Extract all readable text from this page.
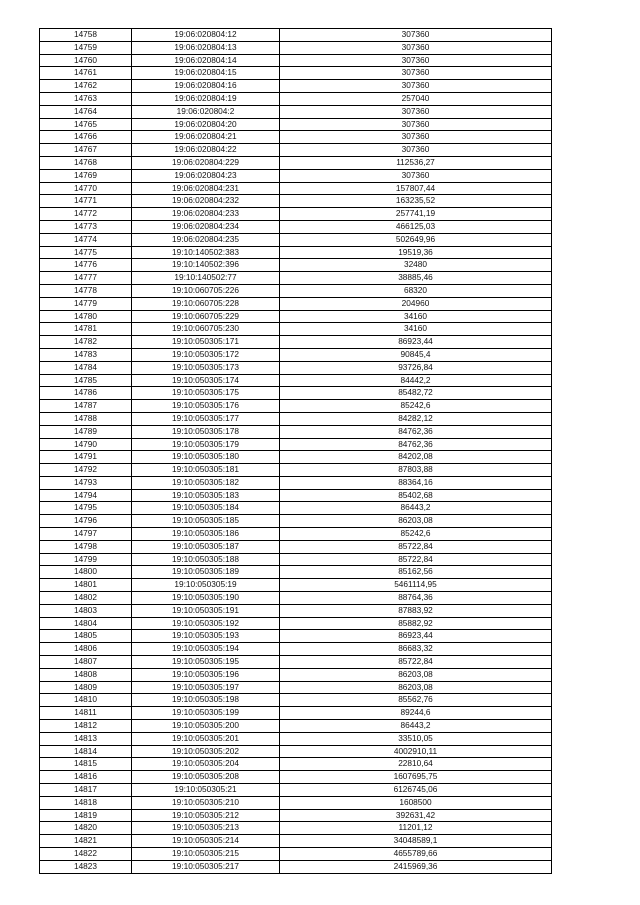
14758	19:06:020804:12	307360
14759	19:06:020804:13	307360
14760	19:06:020804:14	307360
14761	19:06:020804:15	307360
14762	19:06:020804:16	307360
14763	19:06:020804:19	257040
14764	19:06:020804:2	307360
14765	19:06:020804:20	307360
14766	19:06:020804:21	307360
14767	19:06:020804:22	307360
14768	19:06:020804:229	112536,27
14769	19:06:020804:23	307360
14770	19:06:020804:231	157807,44
14771	19:06:020804:232	163235,52
14772	19:06:020804:233	257741,19
14773	19:06:020804:234	466125,03
14774	19:06:020804:235	502649,96
14775	19:10:140502:383	19519,36
14776	19:10:140502:396	32480
14777	19:10:140502:77	38885,46
14778	19:10:060705:226	68320
14779	19:10:060705:228	204960
14780	19:10:060705:229	34160
14781	19:10:060705:230	34160
14782	19:10:050305:171	86923,44
14783	19:10:050305:172	90845,4
14784	19:10:050305:173	93726,84
14785	19:10:050305:174	84442,2
14786	19:10:050305:175	85482,72
14787	19:10:050305:176	85242,6
14788	19:10:050305:177	84282,12
14789	19:10:050305:178	84762,36
14790	19:10:050305:179	84762,36
14791	19:10:050305:180	84202,08
14792	19:10:050305:181	87803,88
14793	19:10:050305:182	88364,16
14794	19:10:050305:183	85402,68
14795	19:10:050305:184	86443,2
14796	19:10:050305:185	86203,08
14797	19:10:050305:186	85242,6
14798	19:10:050305:187	85722,84
14799	19:10:050305:188	85722,84
14800	19:10:050305:189	85162,56
14801	19:10:050305:19	5461114,95
14802	19:10:050305:190	88764,36
14803	19:10:050305:191	87883,92
14804	19:10:050305:192	85882,92
14805	19:10:050305:193	86923,44
14806	19:10:050305:194	86683,32
14807	19:10:050305:195	85722,84
14808	19:10:050305:196	86203,08
14809	19:10:050305:197	86203,08
14810	19:10:050305:198	85562,76
14811	19:10:050305:199	89244,6
14812	19:10:050305:200	86443,2
14813	19:10:050305:201	33510,05
14814	19:10:050305:202	4002910,11
14815	19:10:050305:204	22810,64
14816	19:10:050305:208	1607695,75
14817	19:10:050305:21	6126745,06
14818	19:10:050305:210	1608500
14819	19:10:050305:212	392631,42
14820	19:10:050305:213	11201,12
14821	19:10:050305:214	34048589,1
14822	19:10:050305:215	4655789,66
14823	19:10:050305:217	2415969,36
